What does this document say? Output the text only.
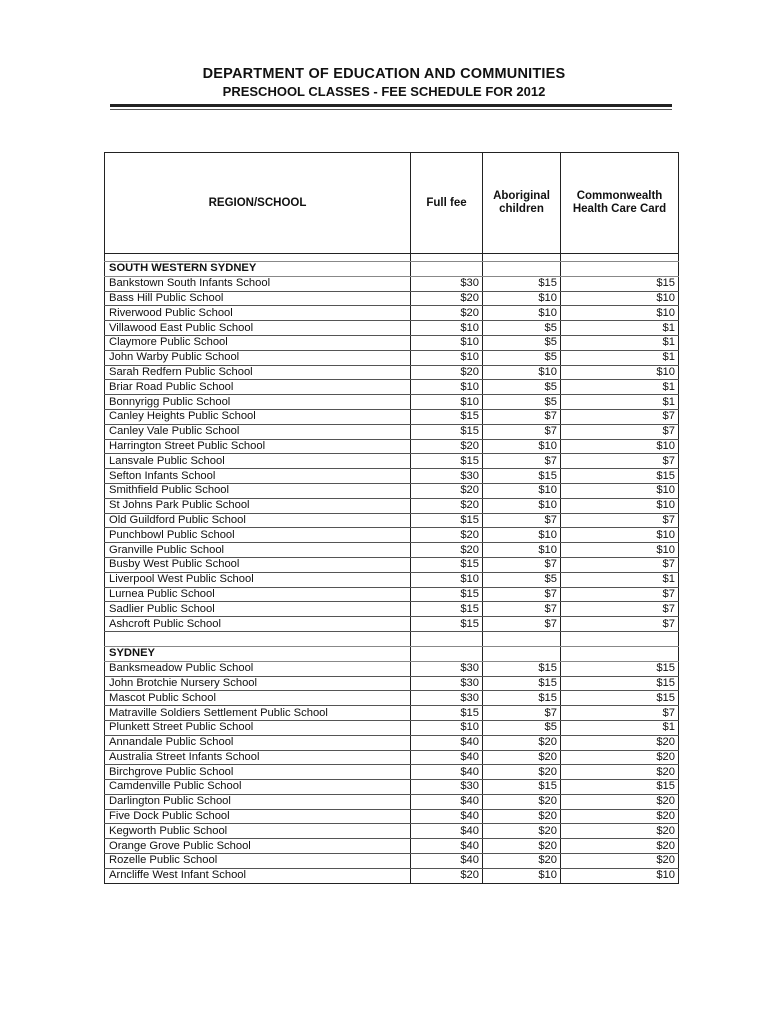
DEPARTMENT OF EDUCATION AND COMMUNITIES
PRESCHOOL CLASSES - FEE SCHEDULE FOR 2012
REGION/SCHOOL	Full fee	Aboriginal children	Commonwealth Health Care Card

SOUTH WESTERN SYDNEY			
Bankstown South Infants School	$30	$15	$15
Bass Hill Public School	$20	$10	$10
Riverwood Public School	$20	$10	$10
Villawood East Public School	$10	$5	$1
Claymore Public School	$10	$5	$1
John Warby Public School	$10	$5	$1
Sarah Redfern Public School	$20	$10	$10
Briar Road Public School	$10	$5	$1
Bonnyrigg Public School	$10	$5	$1
Canley Heights Public School	$15	$7	$7
Canley Vale Public School	$15	$7	$7
Harrington Street Public School	$20	$10	$10
Lansvale Public School	$15	$7	$7
Sefton Infants School	$30	$15	$15
Smithfield Public School	$20	$10	$10
St Johns Park Public School	$20	$10	$10
Old Guildford Public School	$15	$7	$7
Punchbowl Public School	$20	$10	$10
Granville Public School	$20	$10	$10
Busby West Public School	$15	$7	$7
Liverpool West Public School	$10	$5	$1
Lurnea Public School	$15	$7	$7
Sadlier Public School	$15	$7	$7
Ashcroft Public School	$15	$7	$7

SYDNEY			
Banksmeadow Public School	$30	$15	$15
John Brotchie Nursery School	$30	$15	$15
Mascot Public School	$30	$15	$15
Matraville Soldiers Settlement Public School	$15	$7	$7
Plunkett Street Public School	$10	$5	$1
Annandale Public School	$40	$20	$20
Australia Street Infants School	$40	$20	$20
Birchgrove Public School	$40	$20	$20
Camdenville Public School	$30	$15	$15
Darlington Public School	$40	$20	$20
Five Dock Public School	$40	$20	$20
Kegworth Public School	$40	$20	$20
Orange Grove Public School	$40	$20	$20
Rozelle Public School	$40	$20	$20
Arncliffe West Infant School	$20	$10	$10
